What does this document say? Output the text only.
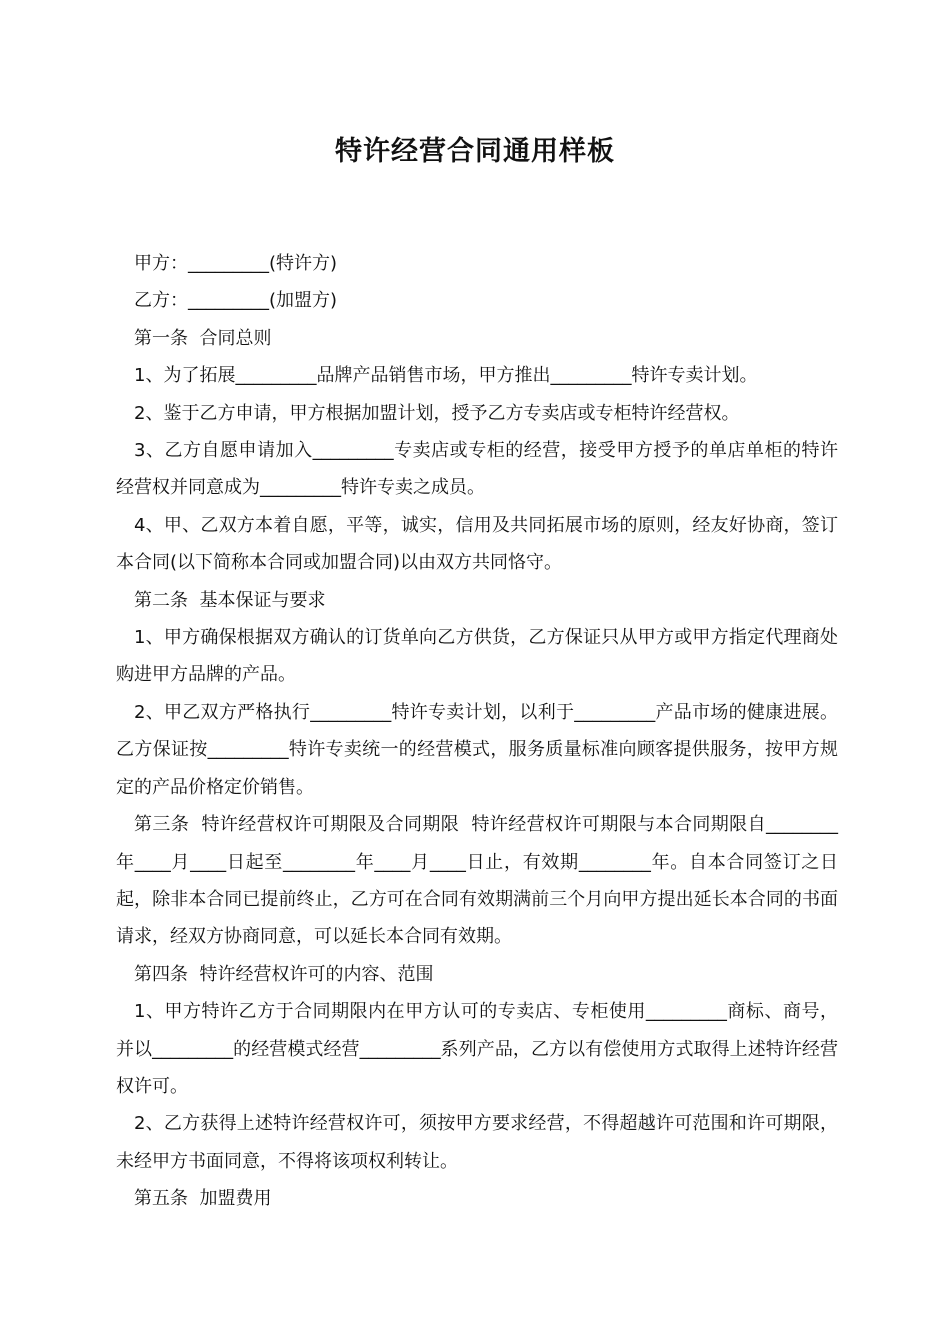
特许经营合同通用样板

甲方：_________(特许方)

乙方：_________(加盟方)

第一条  合同总则

1、为了拓展_________品牌产品销售市场，甲方推出_________特许专卖计划。

2、鉴于乙方申请，甲方根据加盟计划，授予乙方专卖店或专柜特许经营权。

3、乙方自愿申请加入_________专卖店或专柜的经营，接受甲方授予的单店单柜的特许经营权并同意成为_________特许专卖之成员。

4、甲、乙双方本着自愿，平等，诚实，信用及共同拓展市场的原则，经友好协商，签订本合同(以下简称本合同或加盟合同)以由双方共同恪守。

第二条  基本保证与要求

1、甲方确保根据双方确认的订货单向乙方供货，乙方保证只从甲方或甲方指定代理商处购进甲方品牌的产品。

2、甲乙双方严格执行_________特许专卖计划，以利于_________产品市场的健康进展。乙方保证按_________特许专卖统一的经营模式，服务质量标准向顾客提供服务，按甲方规定的产品价格定价销售。

第三条  特许经营权许可期限及合同期限  特许经营权许可期限与本合同期限自________年____月____日起至________年____月____日止，有效期________年。自本合同签订之日起，除非本合同已提前终止，乙方可在合同有效期满前三个月向甲方提出延长本合同的书面请求，经双方协商同意，可以延长本合同有效期。

第四条  特许经营权许可的内容、范围

1、甲方特许乙方于合同期限内在甲方认可的专卖店、专柜使用_________商标、商号，并以_________的经营模式经营_________系列产品，乙方以有偿使用方式取得上述特许经营权许可。

2、乙方获得上述特许经营权许可，须按甲方要求经营，不得超越许可范围和许可期限，未经甲方书面同意，不得将该项权利转让。

第五条  加盟费用
